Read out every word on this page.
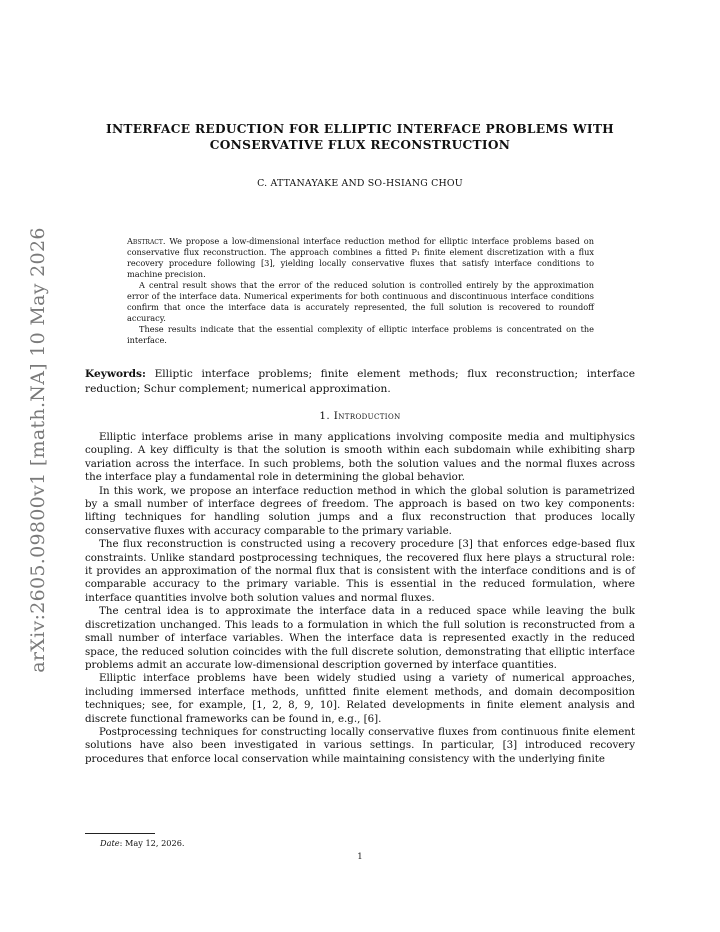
arXiv:2605.09800v1 [math.NA] 10 May 2026
INTERFACE REDUCTION FOR ELLIPTIC INTERFACE PROBLEMS WITH
CONSERVATIVE FLUX RECONSTRUCTION
C. ATTANAYAKE AND SO-HSIANG CHOU

Abstract. We propose a low-dimensional interface reduction method for elliptic interface problems based on conservative flux reconstruction. The approach combines a fitted P₁ finite element discretization with a flux recovery procedure following [3], yielding locally conservative fluxes that satisfy interface conditions to machine precision.

A central result shows that the error of the reduced solution is controlled entirely by the approximation error of the interface data. Numerical experiments for both continuous and discontinuous interface conditions confirm that once the interface data is accurately represented, the full solution is recovered to roundoff accuracy.

These results indicate that the essential complexity of elliptic interface problems is concentrated on the interface.

Keywords: Elliptic interface problems; finite element methods; flux reconstruction; interface reduction; Schur complement; numerical approximation.
1. Introduction

Elliptic interface problems arise in many applications involving composite media and multiphysics coupling. A key difficulty is that the solution is smooth within each subdomain while exhibiting sharp variation across the interface. In such problems, both the solution values and the normal fluxes across the interface play a fundamental role in determining the global behavior.

In this work, we propose an interface reduction method in which the global solution is parametrized by a small number of interface degrees of freedom. The approach is based on two key components: lifting techniques for handling solution jumps and a flux reconstruction that produces locally conservative fluxes with accuracy comparable to the primary variable.

The flux reconstruction is constructed using a recovery procedure [3] that enforces edge-based flux constraints. Unlike standard postprocessing techniques, the recovered flux here plays a structural role: it provides an approximation of the normal flux that is consistent with the interface conditions and is of comparable accuracy to the primary variable. This is essential in the reduced formulation, where interface quantities involve both solution values and normal fluxes.

The central idea is to approximate the interface data in a reduced space while leaving the bulk discretization unchanged. This leads to a formulation in which the full solution is reconstructed from a small number of interface variables. When the interface data is represented exactly in the reduced space, the reduced solution coincides with the full discrete solution, demonstrating that elliptic interface problems admit an accurate low-dimensional description governed by interface quantities.

Elliptic interface problems have been widely studied using a variety of numerical approaches, including immersed interface methods, unfitted finite element methods, and domain decomposition techniques; see, for example, [1, 2, 8, 9, 10]. Related developments in finite element analysis and discrete functional frameworks can be found in, e.g., [6].

Postprocessing techniques for constructing locally conservative fluxes from continuous finite element solutions have also been investigated in various settings. In particular, [3] introduced recovery procedures that enforce local conservation while maintaining consistency with the underlying finite

Date: May 12, 2026.
1
